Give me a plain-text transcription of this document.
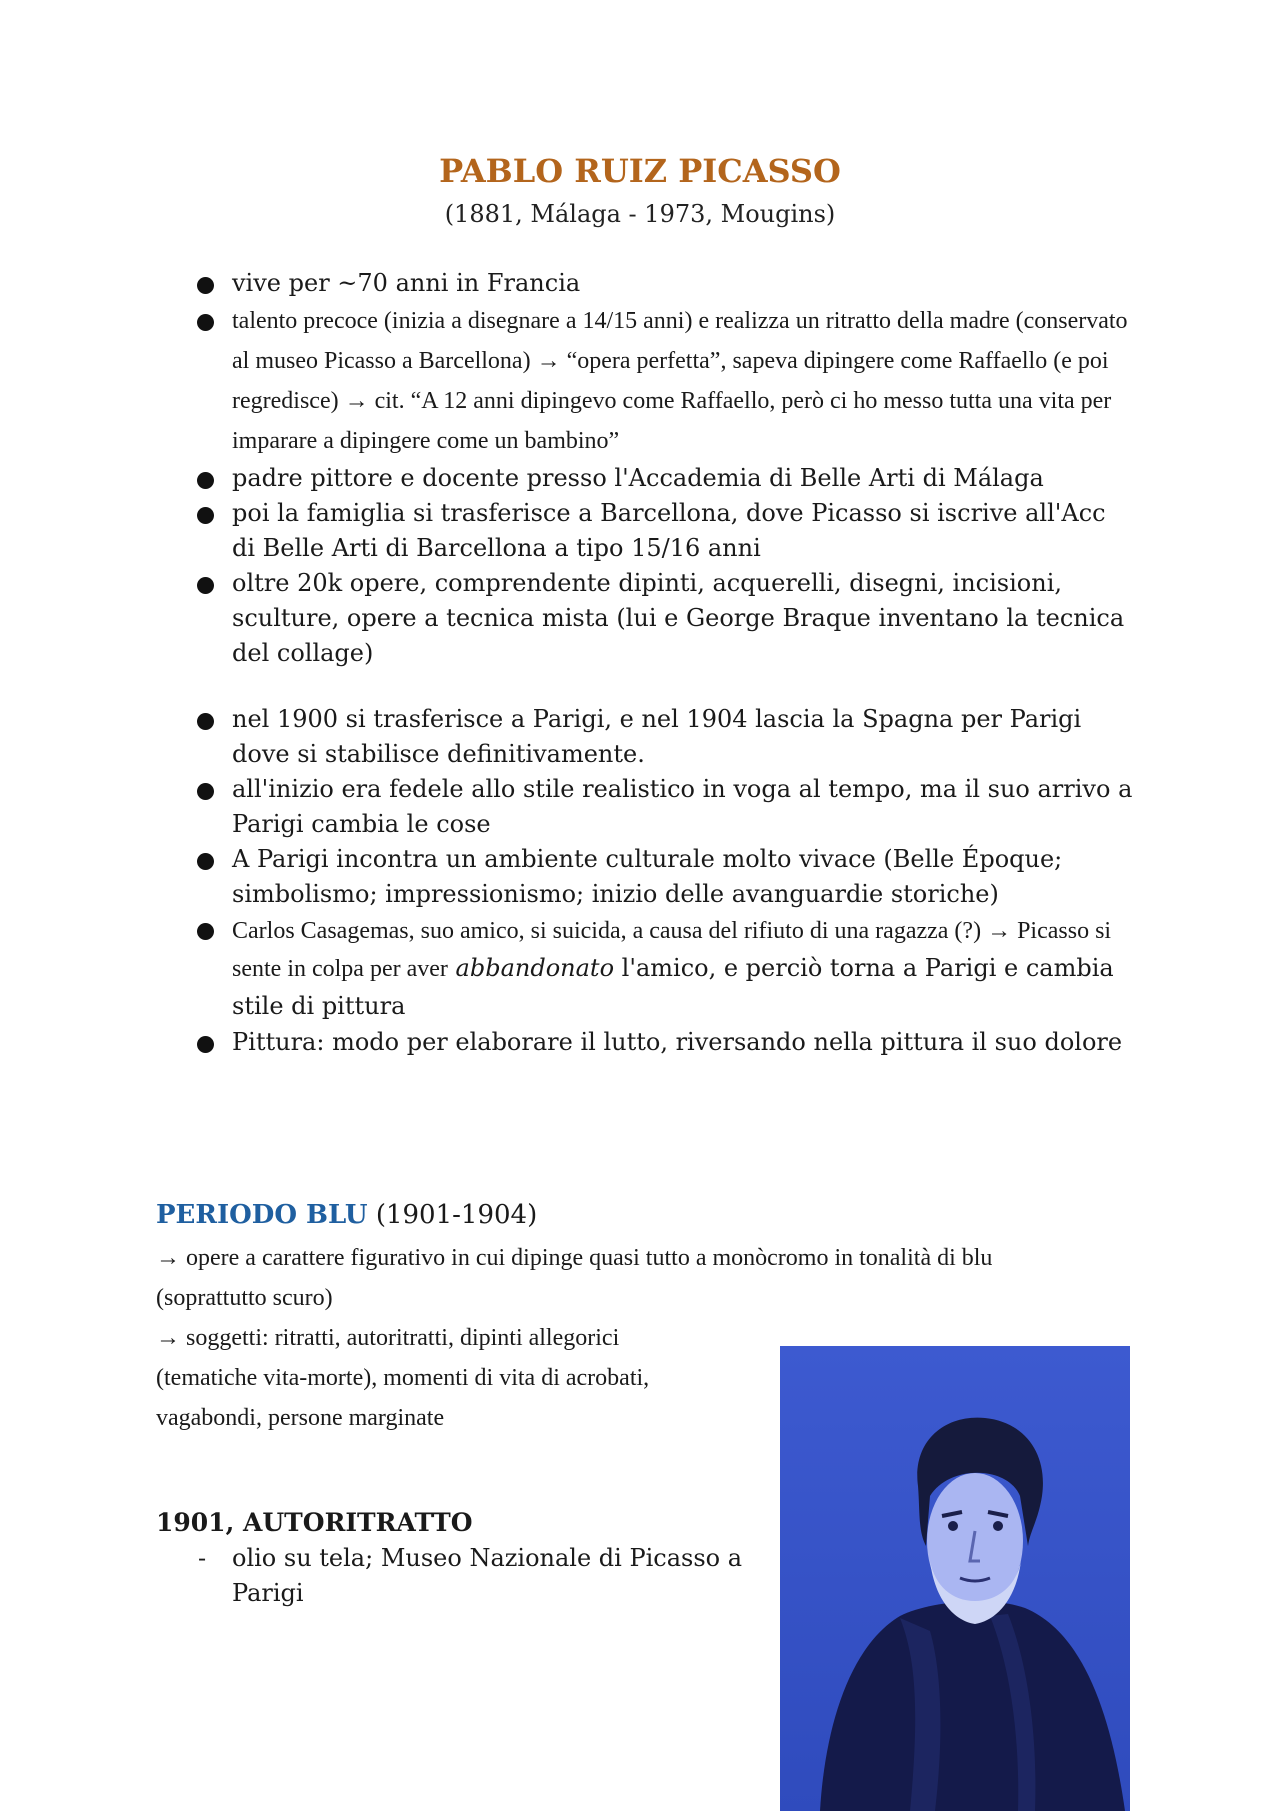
PABLO RUIZ PICASSO

(1881, Málaga - 1973, Mougins)

vive per ~70 anni in Francia
talento precoce (inizia a disegnare a 14/15 anni) e realizza un ritratto della madre (conservato al museo Picasso a Barcellona) → “opera perfetta”, sapeva dipingere come Raffaello (e poi regredisce) → cit. “A 12 anni dipingevo come Raffaello, però ci ho messo tutta una vita per imparare a dipingere come un bambino”
padre pittore e docente presso l'Accademia di Belle Arti di Málaga
poi la famiglia si trasferisce a Barcellona, dove Picasso si iscrive all'Acc di Belle Arti di Barcellona a tipo 15/16 anni
oltre 20k opere, comprendente dipinti, acquerelli, disegni, incisioni, sculture, opere a tecnica mista (lui e George Braque inventano la tecnica del collage)
nel 1900 si trasferisce a Parigi, e nel 1904 lascia la Spagna per Parigi dove si stabilisce definitivamente.
all'inizio era fedele allo stile realistico in voga al tempo, ma il suo arrivo a Parigi cambia le cose
A Parigi incontra un ambiente culturale molto vivace (Belle Époque; simbolismo; impressionismo; inizio delle avanguardie storiche)
Carlos Casagemas, suo amico, si suicida, a causa del rifiuto di una ragazza (?) → Picasso si sente in colpa per aver abbandonato l'amico, e perciò torna a Parigi e cambia stile di pittura
Pittura: modo per elaborare il lutto, riversando nella pittura il suo dolore
PERIODO BLU (1901-1904)

→ opere a carattere figurativo in cui dipinge quasi tutto a monòcromo in tonalità di blu (soprattutto scuro)

→ soggetti: ritratti, autoritratti, dipinti allegorici (tematiche vita-morte), momenti di vita di acrobati, vagabondi, persone marginate

1901, AUTORITRATTO
- olio su tela; Museo Nazionale di Picasso a Parigi
